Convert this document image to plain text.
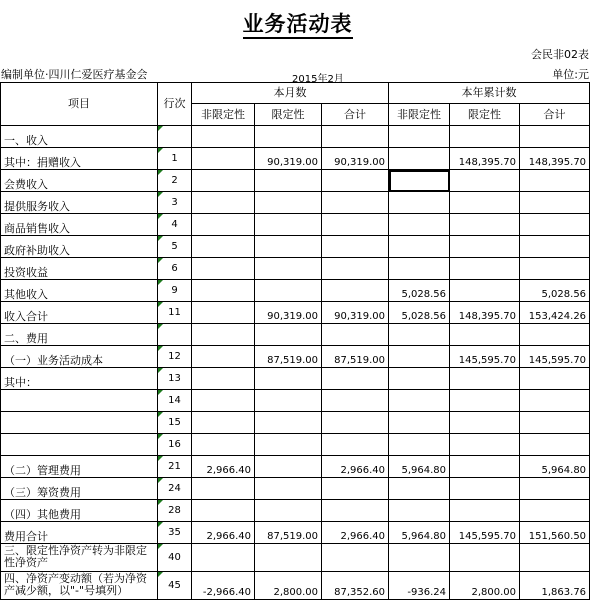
业务活动表
会民非02表
编制单位·四川仁爱医疗基金会	2015年2月	单位:元
项目	行次	本月数			本年累计数		
		非限定性	限定性	合计	非限定性	限定性	合计
一、收入							
其中：捐赠收入	1		90,319.00	90,319.00		148,395.70	148,395.70
会费收入	2						
提供服务收入	3						
商品销售收入	4						
政府补助收入	5						
投资收益	6						
其他收入	9				5,028.56		5,028.56
收入合计	11		90,319.00	90,319.00	5,028.56	148,395.70	153,424.26
二、费用							
（一）业务活动成本	12		87,519.00	87,519.00		145,595.70	145,595.70
其中：	13						
	14						
	15						
	16						
（二）管理费用	21	2,966.40		2,966.40	5,964.80		5,964.80
（三）筹资费用	24						
（四）其他费用	28						
费用合计	35	2,966.40	87,519.00	2,966.40	5,964.80	145,595.70	151,560.50
三、限定性净资产转为非限定性净资产	40						
四、净资产变动额（若为净资产减少额，以"-"号填列）	45	-2,966.40	2,800.00	87,352.60	-936.24	2,800.00	1,863.76
